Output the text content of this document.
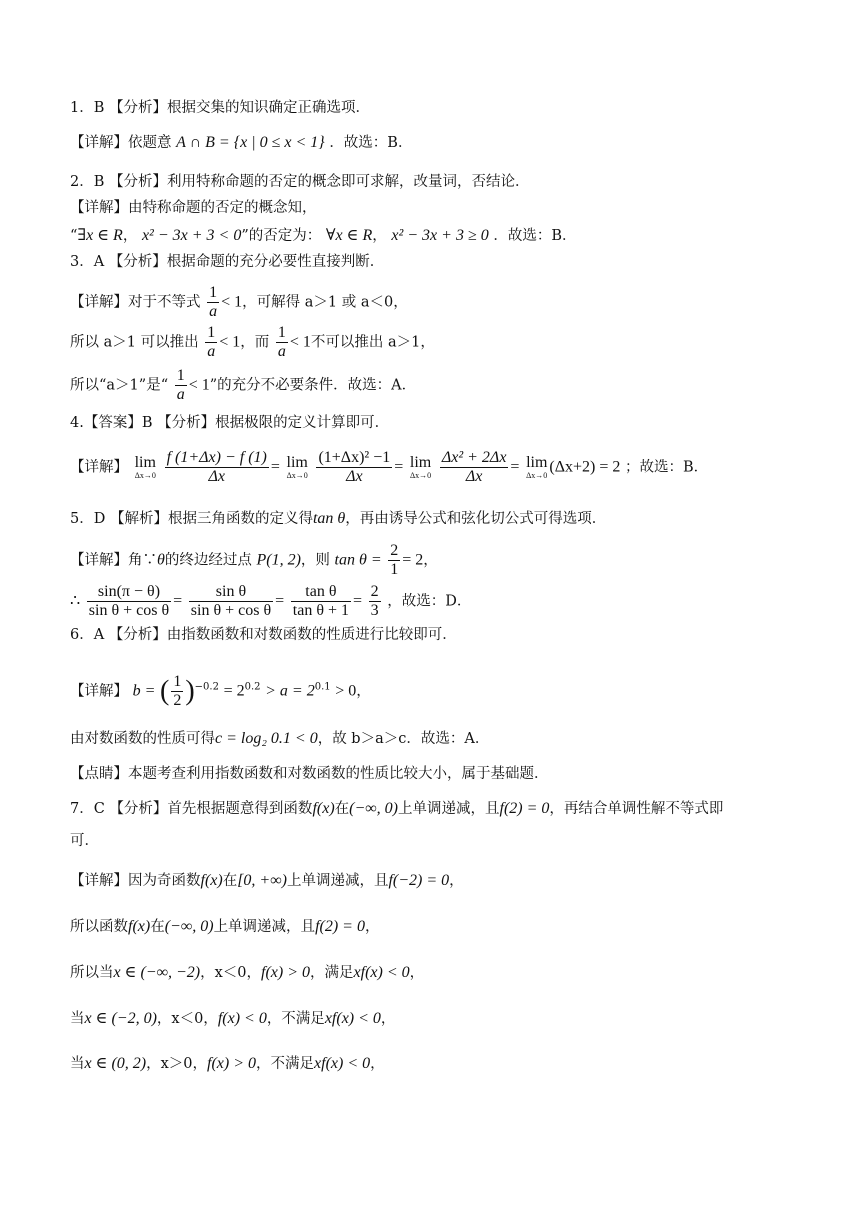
1．B 【分析】根据交集的知识确定正确选项．
【详解】依题意 A ∩ B = {x | 0 ≤ x < 1} ．故选：B．
2．B 【分析】利用特称命题的否定的概念即可求解，改量词，否结论．
【详解】由特称命题的否定的概念知，
“∃x ∈ R， x² − 3x + 3 < 0”的否定为： ∀x ∈ R， x² − 3x + 3 ≥ 0 ．故选：B．
3．A 【分析】根据命题的充分必要性直接判断．
【详解】对于不等式 $\frac{1}{a} < 1$，可解得 a＞1 或 a＜0，
所以 a＞1 可以推出 $\frac{1}{a} < 1$，而 $\frac{1}{a} < 1$不可以推出 a＞1，
所以“a＞1”是“ $\frac{1}{a} < 1$”的充分不必要条件．故选：A．
4.【答案】B 【分析】根据极限的定义计算即可．
【详解】 lim
Δx→0
$\frac{f (1+\Delta x) - f (1)}{\Delta x} = \lim$
Δx→0
$\frac{\text{(1+Δx)² −1}}{\Delta x} = \lim$
Δx→0
$\frac{\text{Δx² + 2Δx}}{\Delta x} = \lim$
Δx→0 (Δx+2) = 2 ；故选：B．
5．D 【解析】根据三角函数的定义得tan θ，再由诱导公式和弦化切公式可得选项．
【详解】角∵θ的终边经过点 P(1, 2)，则 $\tan \theta = \frac{2}{1} = 2$，
∴ $\frac{\sin(\pi - \theta)}{\text{sin θ + cos θ}} = \frac{\text{sin θ}}{\text{sin θ + cos θ}} = \frac{\text{tan θ}}{\text{tan θ + 1}} = \frac{2}{3}$ ，故选：D．
6．A 【分析】由指数函数和对数函数的性质进行比较即可．
【详解】 b = ( $\frac{1}{2} )^{-0.2} = 2^{0.2} > a = 2^{0.1} > 0$，
由对数函数的性质可得c = log₂ 0.1 < 0，故 b＞a＞c．故选：A．
【点睛】本题考查利用指数函数和对数函数的性质比较大小，属于基础题．
7．C 【分析】首先根据题意得到函数f(x)在(−∞, 0)上单调递减，且f(2) = 0，再结合单调性解不等式即
可．
【详解】因为奇函数f(x)在[0, +∞)上单调递减，且f(−2) = 0，
所以函数f(x)在(−∞, 0)上单调递减，且f(2) = 0，
所以当x ∈ (−∞, −2)，x＜0，f(x) > 0，满足xf(x) < 0，
当x ∈ (−2, 0)，x＜0，f(x) < 0，不满足xf(x) < 0，
当x ∈ (0, 2)，x＞0，f(x) > 0，不满足xf(x) < 0，
